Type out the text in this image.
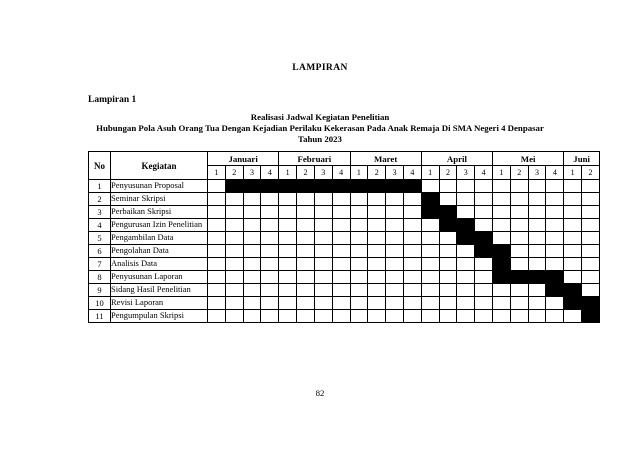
LAMPIRAN
Lampiran 1
Realisasi Jadwal Kegiatan Penelitian
Hubungan Pola Asuh Orang Tua Dengan Kejadian Perilaku Kekerasan Pada Anak Remaja Di SMA Negeri 4 Denpasar
Tahun 2023
No	Kegiatan	Januari				Februari				Maret				April				Mei				Juni	
		1	2	3	4	1	2	3	4	1	2	3	4	1	2	3	4	1	2	3	4	1	2
1	Penyusunan Proposal																						
2	Seminar Skripsi																						
3	Perbaikan Skripsi																						
4	Pengurusan Izin Penelitian																						
5	Pengambilan Data																						
6	Pengolahan Data																						
7	Analisis Data																						
8	Penyusunan Laporan																						
9	Sidang Hasil Penelitian																						
10	Revisi Laporan																						
11	Pengumpulan Skripsi																						
82
